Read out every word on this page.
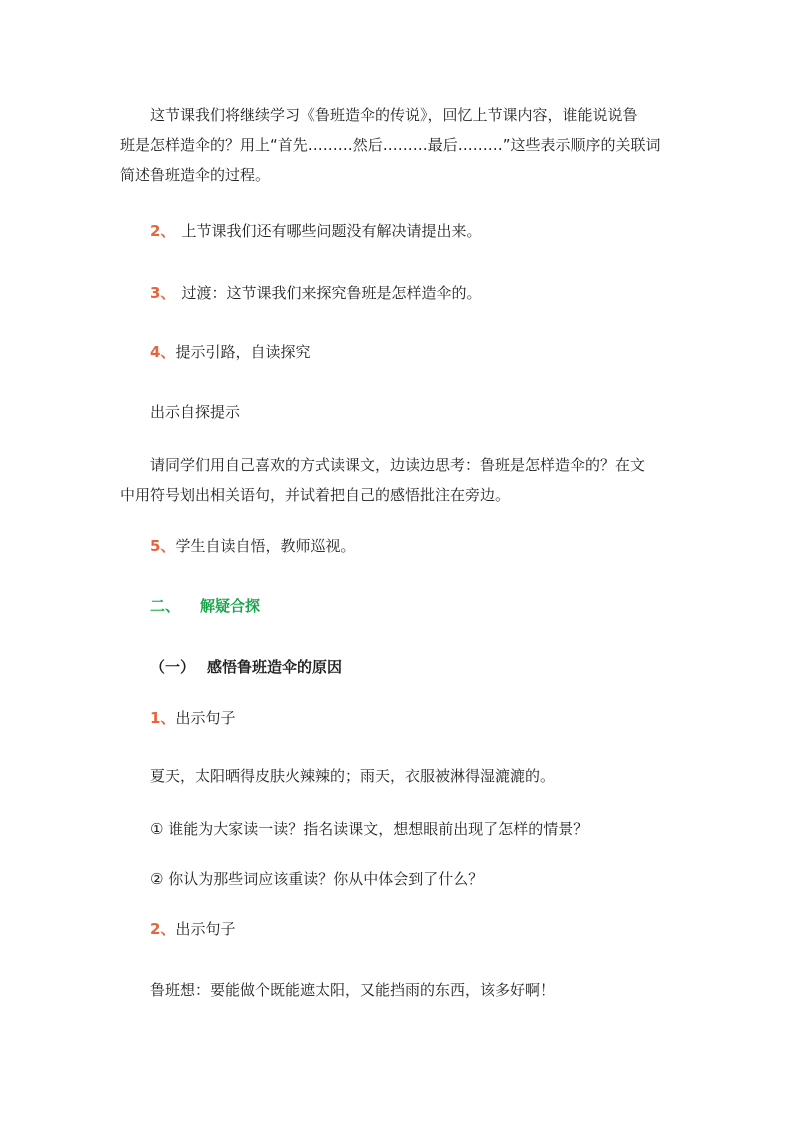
这节课我们将继续学习《鲁班造伞的传说》，回忆上节课内容，谁能说说鲁
班是怎样造伞的？用上“首先………然后………最后………”这些表示顺序的关联词
简述鲁班造伞的过程。
2、 上节课我们还有哪些问题没有解决请提出来。
3、 过渡：这节课我们来探究鲁班是怎样造伞的。
4、提示引路，自读探究
出示自探提示
请同学们用自己喜欢的方式读课文，边读边思考：鲁班是怎样造伞的？在文
中用符号划出相关语句，并试着把自己的感悟批注在旁边。
5、学生自读自悟，教师巡视。
二、 解疑合探
（一） 感悟鲁班造伞的原因
1、出示句子
夏天，太阳晒得皮肤火辣辣的；雨天，衣服被淋得湿漉漉的。
① 谁能为大家读一读？指名读课文，想想眼前出现了怎样的情景？
② 你认为那些词应该重读？你从中体会到了什么？
2、出示句子
鲁班想：要能做个既能遮太阳，又能挡雨的东西，该多好啊！
